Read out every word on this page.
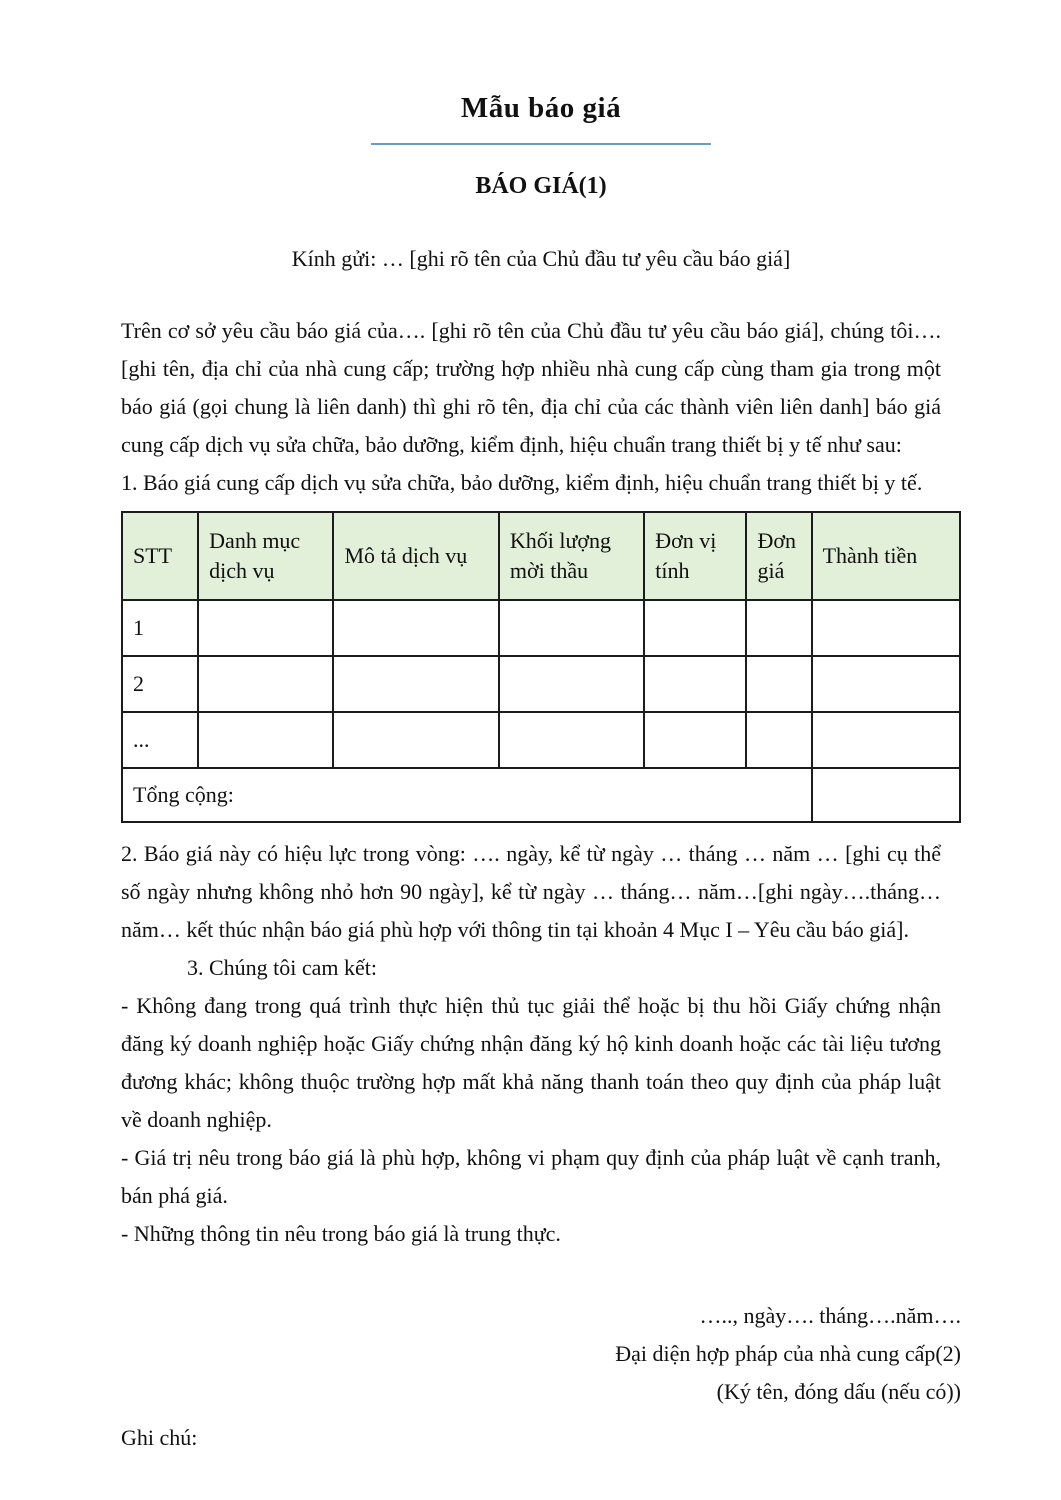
Mẫu báo giá
BÁO GIÁ(1)
Kính gửi: … [ghi rõ tên của Chủ đầu tư yêu cầu báo giá]

Trên cơ sở yêu cầu báo giá của…. [ghi rõ tên của Chủ đầu tư yêu cầu báo giá], chúng tôi….[ghi tên, địa chỉ của nhà cung cấp; trường hợp nhiều nhà cung cấp cùng tham gia trong một báo giá (gọi chung là liên danh) thì ghi rõ tên, địa chỉ của các thành viên liên danh] báo giá cung cấp dịch vụ sửa chữa, bảo dưỡng, kiểm định, hiệu chuẩn trang thiết bị y tế như sau:

1. Báo giá cung cấp dịch vụ sửa chữa, bảo dưỡng, kiểm định, hiệu chuẩn trang thiết bị y tế.

STT	Danh mục dịch vụ	Mô tả dịch vụ	Khối lượng mời thầu	Đơn vị tính	Đơn giá	Thành tiền
1						
2						
...						
Tổng cộng:						

2. Báo giá này có hiệu lực trong vòng: …. ngày, kể từ ngày … tháng … năm … [ghi cụ thể số ngày nhưng không nhỏ hơn 90 ngày], kể từ ngày … tháng… năm…[ghi ngày….tháng…năm… kết thúc nhận báo giá phù hợp với thông tin tại khoản 4 Mục I – Yêu cầu báo giá].

3. Chúng tôi cam kết:

- Không đang trong quá trình thực hiện thủ tục giải thể hoặc bị thu hồi Giấy chứng nhận đăng ký doanh nghiệp hoặc Giấy chứng nhận đăng ký hộ kinh doanh hoặc các tài liệu tương đương khác; không thuộc trường hợp mất khả năng thanh toán theo quy định của pháp luật về doanh nghiệp.

- Giá trị nêu trong báo giá là phù hợp, không vi phạm quy định của pháp luật về cạnh tranh, bán phá giá.

- Những thông tin nêu trong báo giá là trung thực.

….., ngày…. tháng….năm….
Đại diện hợp pháp của nhà cung cấp(2)
(Ký tên, đóng dấu (nếu có))
Ghi chú:
